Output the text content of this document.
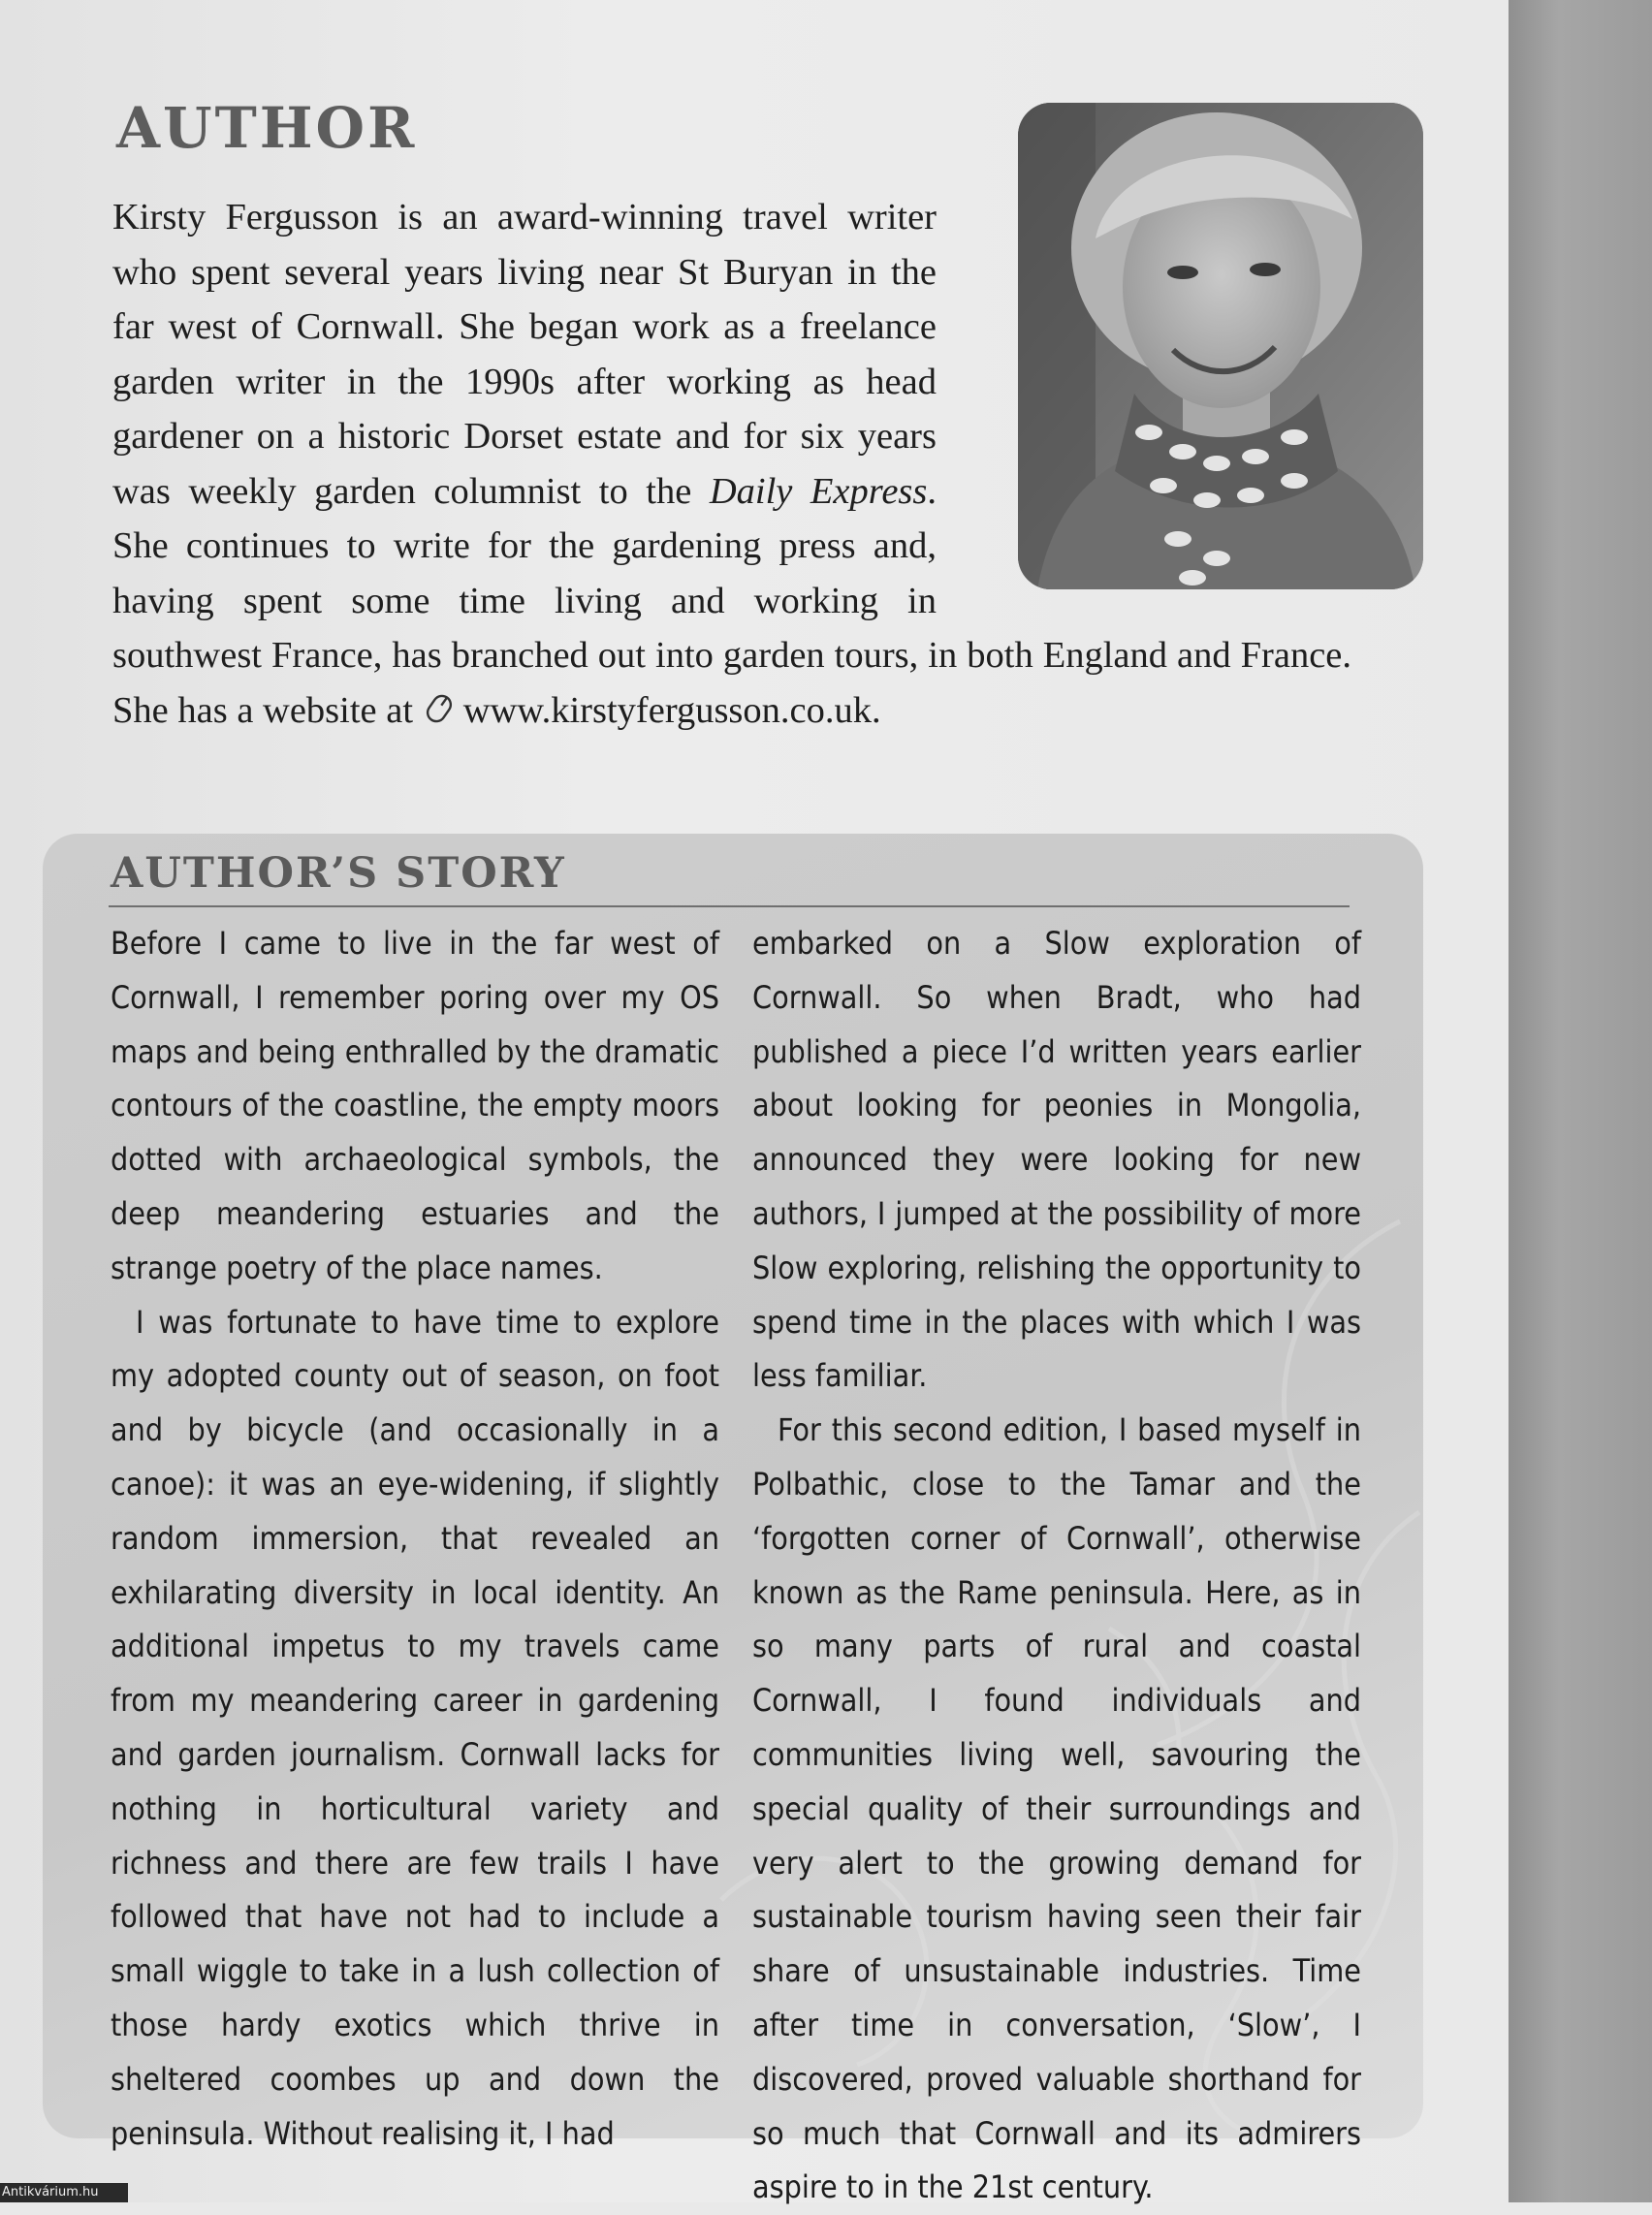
AUTHOR

Kirsty Fergusson is an award-winning travel writer who spent several years living near St Buryan in the far west of Cornwall. She began work as a freelance garden writer in the 1990s after working as head gardener on a historic Dorset estate and for six years was weekly garden columnist to the Daily Express. She continues to write for the gardening press and, having spent some time living and working in southwest France, has branched out into garden tours, in both England and France. She has a website at www.kirstyfergusson.co.uk.

AUTHOR’S STORY

Before I came to live in the far west of Cornwall, I remember poring over my OS maps and being enthralled by the dramatic contours of the coastline, the empty moors dotted with archaeological symbols, the deep meandering estuaries and the strange poetry of the place names.

I was fortunate to have time to explore my adopted county out of season, on foot and by bicycle (and occasionally in a canoe): it was an eye-widening, if slightly random immersion, that revealed an exhilarating diversity in local identity. An additional impetus to my travels came from my meandering career in gardening and garden journalism. Cornwall lacks for nothing in horticultural variety and richness and there are few trails I have followed that have not had to include a small wiggle to take in a lush collection of those hardy exotics which thrive in sheltered coombes up and down the peninsula. Without realising it, I had

embarked on a Slow exploration of Cornwall. So when Bradt, who had published a piece I’d written years earlier about looking for peonies in Mongolia, announced they were looking for new authors, I jumped at the possibility of more Slow exploring, relishing the opportunity to spend time in the places with which I was less familiar.

For this second edition, I based myself in Polbathic, close to the Tamar and the ‘forgotten corner of Cornwall’, otherwise known as the Rame peninsula. Here, as in so many parts of rural and coastal Cornwall, I found individuals and communities living well, savouring the special quality of their surroundings and very alert to the growing demand for sustainable tourism having seen their fair share of unsustainable industries. Time after time in conversation, ‘Slow’, I discovered, proved valuable shorthand for so much that Cornwall and its admirers aspire to in the 21st century.

Antikvárium.hu
